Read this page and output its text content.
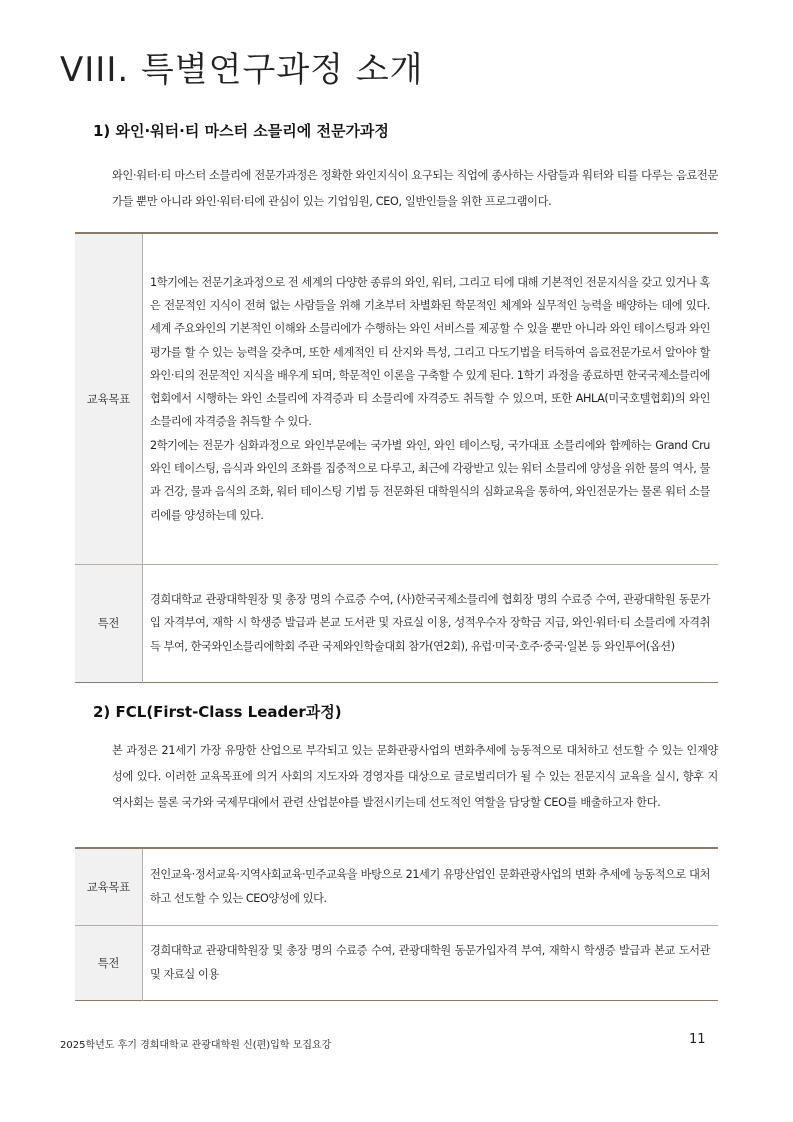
VIII. 특별연구과정 소개
1) 와인·워터·티 마스터 소믈리에 전문가과정

와인·워터·티 마스터 소믈리에 전문가과정은 정확한 와인지식이 요구되는 직업에 종사하는 사람들과 워터와 티를 다루는 음료전문가들 뿐만 아니라 와인·워터·티에 관심이 있는 기업임원, CEO, 일반인들을 위한 프로그램이다.

교육목표	1학기에는 전문기초과정으로 전 세계의 다양한 종류의 와인, 워터, 그리고 티에 대해 기본적인 전문지식을 갖고 있거나 혹은 전문적인 지식이 전혀 없는 사람들을 위해 기초부터 차별화된 학문적인 체계와 실무적인 능력을 배양하는 데에 있다. 세계 주요와인의 기본적인 이해와 소믈리에가 수행하는 와인 서비스를 제공할 수 있을 뿐만 아니라 와인 테이스팅과 와인평가를 할 수 있는 능력을 갖추며, 또한 세계적인 티 산지와 특성, 그리고 다도기법을 터득하여 음료전문가로서 알아야 할 와인·티의 전문적인 지식을 배우게 되며, 학문적인 이론을 구축할 수 있게 된다. 1학기 과정을 종료하면 한국국제소믈리에 협회에서 시행하는 와인 소믈리에 자격증과 티 소믈리에 자격증도 취득할 수 있으며, 또한 AHLA(미국호텔협회)의 와인 소믈리에 자격증을 취득할 수 있다.
2학기에는 전문가 심화과정으로 와인부문에는 국가별 와인, 와인 테이스팅, 국가대표 소믈리에와 함께하는 Grand Cru 와인 테이스팅, 음식과 와인의 조화를 집중적으로 다루고, 최근에 각광받고 있는 워터 소믈리에 양성을 위한 물의 역사, 물과 건강, 물과 음식의 조화, 워터 테이스팅 기법 등 전문화된 대학원식의 심화교육을 통하여, 와인전문가는 물론 워터 소믈리에를 양성하는데 있다.

특전	경희대학교 관광대학원장 및 총장 명의 수료증 수여, (사)한국국제소믈리에 협회장 명의 수료증 수여, 관광대학원 동문가입 자격부여, 재학 시 학생증 발급과 본교 도서관 및 자료실 이용, 성적우수자 장학금 지급, 와인·워터·티 소믈리에 자격취득 부여, 한국와인소믈리에학회 주관 국제와인학술대회 참가(연2회), 유럽·미국·호주·중국·일본 등 와인투어(옵션)
2) FCL(First-Class Leader과정)

본 과정은 21세기 가장 유망한 산업으로 부각되고 있는 문화관광사업의 변화추세에 능동적으로 대처하고 선도할 수 있는 인재양성에 있다. 이러한 교육목표에 의거 사회의 지도자와 경영자를 대상으로 글로벌리더가 될 수 있는 전문지식 교육을 실시, 향후 지역사회는 물론 국가와 국제무대에서 관련 산업분야를 발전시키는데 선도적인 역할을 담당할 CEO를 배출하고자 한다.

교육목표	전인교육·정서교육·지역사회교육·민주교육을 바탕으로 21세기 유망산업인 문화관광사업의 변화 추세에 능동적으로 대처하고 선도할 수 있는 CEO양성에 있다.

특전	경희대학교 관광대학원장 및 총장 명의 수료증 수여, 관광대학원 동문가입자격 부여, 재학시 학생증 발급과 본교 도서관 및 자료실 이용
2025학년도 후기 경희대학교 관광대학원 신(편)입학 모집요강	11
